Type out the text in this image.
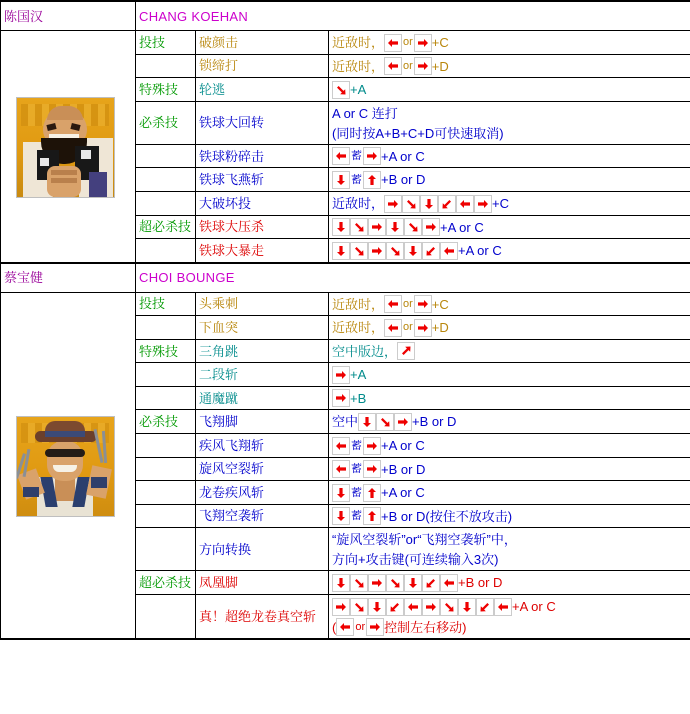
陈国汉	CHANG KOEHAN		

	投技	破颜击	近敌时， or +C

		锁缔打	近敌时， or +D

	特殊技	轮逃	+A

	必杀技	铁球大回转	A or C 连打
(同时按A+B+C+D可快速取消)

		铁球粉碎击	蓄 +A or C

		铁球飞燕斩	蓄 +B or D

		大破坏投	近敌时， +C

	超必杀技	铁球大压杀	+A or C

		铁球大暴走	+A or C

蔡宝健	CHOI BOUNGE		

	投技	头乘刺	近敌时， or +C

		下血突	近敌时， or +D

	特殊技	三角跳	空中版边，

		二段斩	+A

		通魔蹴	+B

	必杀技	飞翔脚	空中 +B or D

		疾风飞翔斩	蓄 +A or C

		旋风空裂斩	蓄 +B or D

		龙卷疾风斩	蓄 +A or C

		飞翔空袭斩	蓄 +B or D(按住不放攻击)

		方向转换	“旋风空裂斩”or“飞翔空袭斩”中，
方向+攻击键(可连续输入3次)

	超必杀技	凤凰脚	+B or D

		真！超绝龙卷真空斩	+A or C
( or 控制左右移动)
